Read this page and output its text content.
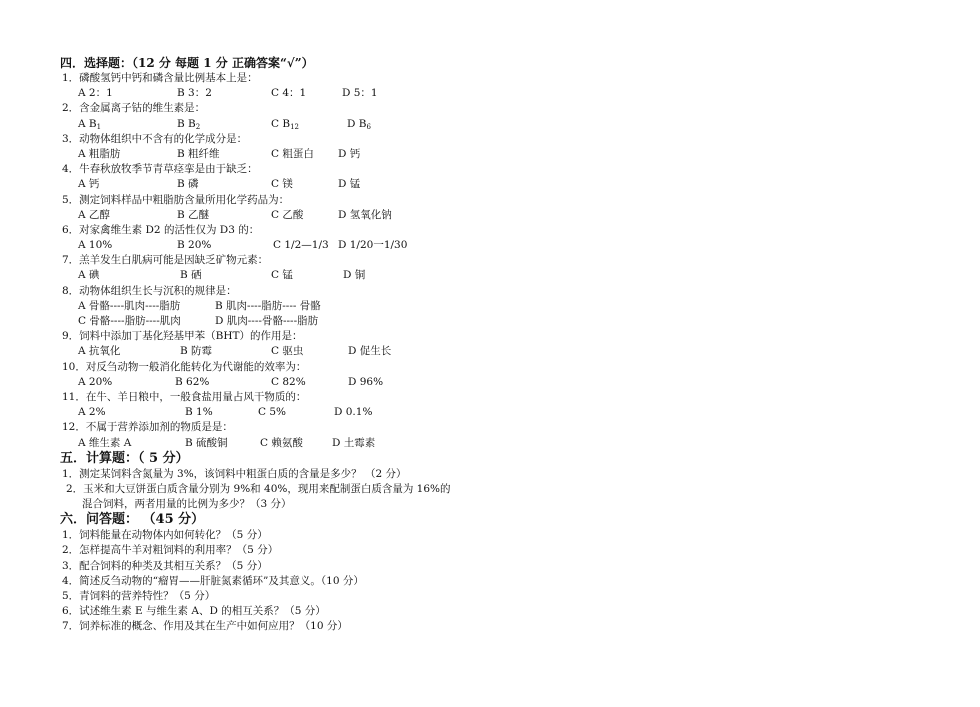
四．选择题：（12 分 每题 1 分 正确答案“√”）
1．磷酸氢钙中钙和磷含量比例基本上是：
A 2：1	B 3：2	C 4：1	D 5：1
2．含金属离子钴的维生素是：
A $B_1$	B $B_2$	C $B_{12}$	D $B_6$
3．动物体组织中不含有的化学成分是：
A 粗脂肪	B 粗纤维	C 粗蛋白 D 钙
4．牛春秋放牧季节青草痉挛是由于缺乏：
A 钙	B 磷	C 镁	D 锰
5．测定饲料样品中粗脂肪含量所用化学药品为：
A 乙醇	B 乙醚	C 乙酸	D 氢氧化钠
6．对家禽维生素 D2 的活性仅为 D3 的：
A 10%	B 20%	C 1/2—1/3 D 1/20一1/30
7．羔羊发生白肌病可能是因缺乏矿物元素：
A 碘	B 硒	C 锰	D 铜
8．动物体组织生长与沉积的规律是：
A 骨骼----肌肉----脂肪	B 肌肉----脂肪---- 骨骼
C 骨骼----脂肪----肌肉	D 肌肉----骨骼----脂肪
9．饲料中添加丁基化羟基甲苯（BHT）的作用是：
A 抗氧化	B 防霉	C 驱虫	D 促生长
10．对反刍动物一般消化能转化为代谢能的效率为：
A 20%	B 62%	C 82%	D 96%
11．在牛、羊日粮中，一般食盐用量占风干物质的：
A 2%	B 1%	C 5%	D 0.1%
12．不属于营养添加剂的物质是是：
A 维生素 A	B 硫酸铜	C 赖氨酸	D 土霉素
五．计算题：（ 5 分）
1．测定某饲料含氮量为 3%，该饲料中粗蛋白质的含量是多少？ （2 分）
2．玉米和大豆饼蛋白质含量分别为 9%和 40%，现用来配制蛋白质含量为 16%的
混合饲料，两者用量的比例为多少？（3 分）
六．问答题： （45 分）
1．饲料能量在动物体内如何转化？（5 分）
2．怎样提高牛羊对粗饲料的利用率？（5 分）
3．配合饲料的种类及其相互关系？（5 分）
4．简述反刍动物的“瘤胃——肝脏氮素循环”及其意义。（10 分）
5．青饲料的营养特性？（5 分）
6．试述维生素 E 与维生素 A、D 的相互关系？（5 分）
7．饲养标准的概念、作用及其在生产中如何应用？（10 分）
